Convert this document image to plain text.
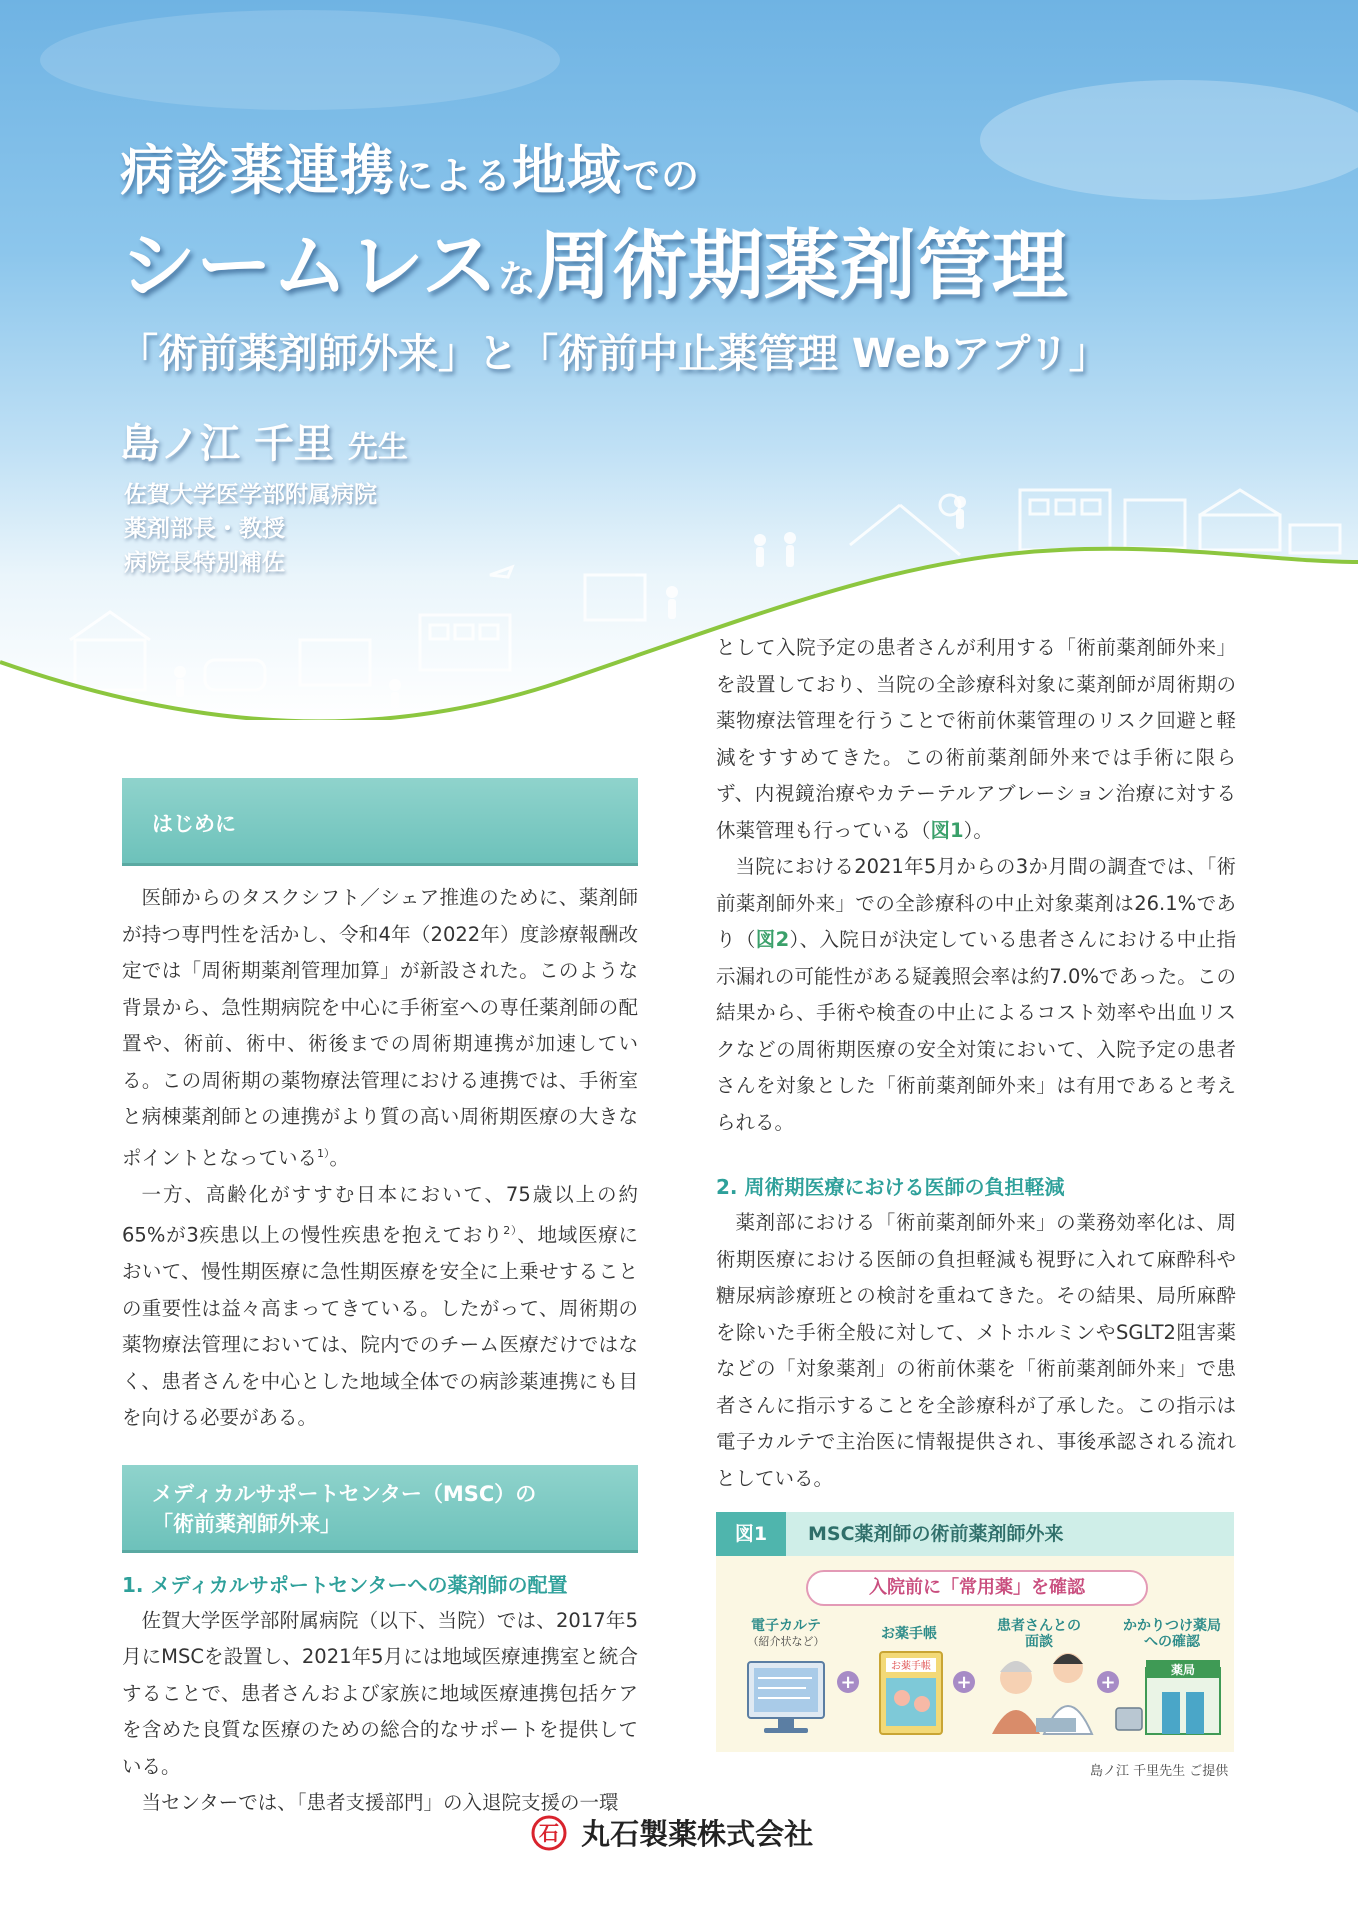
病診薬連携による地域での
シームレスな周術期薬剤管理
「術前薬剤師外来」と「術前中止薬管理 Webアプリ」
島ノ江 千里 先生
佐賀大学医学部附属病院
薬剤部長・教授
病院長特別補佐
はじめに

医師からのタスクシフト／シェア推進のために、薬剤師が持つ専門性を活かし、令和4年（2022年）度診療報酬改定では「周術期薬剤管理加算」が新設された。このような背景から、急性期病院を中心に手術室への専任薬剤師の配置や、術前、術中、術後までの周術期連携が加速している。この周術期の薬物療法管理における連携では、手術室と病棟薬剤師との連携がより質の高い周術期医療の大きなポイントとなっている$^{1)}$。

一方、高齢化がすすむ日本において、75歳以上の約65%が3疾患以上の慢性疾患を抱えており$^{2)}$、地域医療において、慢性期医療に急性期医療を安全に上乗せすることの重要性は益々高まってきている。したがって、周術期の薬物療法管理においては、院内でのチーム医療だけではなく、患者さんを中心とした地域全体での病診薬連携にも目を向ける必要がある。

メディカルサポートセンター（MSC）の
「術前薬剤師外来」

1. メディカルサポートセンターへの薬剤師の配置

佐賀大学医学部附属病院（以下、当院）では、2017年5月にMSCを設置し、2021年5月には地域医療連携室と統合することで、患者さんおよび家族に地域医療連携包括ケアを含めた良質な医療のための総合的なサポートを提供している。

当センターでは、「患者支援部門」の入退院支援の一環

として入院予定の患者さんが利用する「術前薬剤師外来」を設置しており、当院の全診療科対象に薬剤師が周術期の薬物療法管理を行うことで術前休薬管理のリスク回避と軽減をすすめてきた。この術前薬剤師外来では手術に限らず、内視鏡治療やカテーテルアブレーション治療に対する休薬管理も行っている（図1）。

当院における2021年5月からの3か月間の調査では、「術前薬剤師外来」での全診療科の中止対象薬剤は26.1%であり（図2）、入院日が決定している患者さんにおける中止指示漏れの可能性がある疑義照会率は約7.0%であった。この結果から、手術や検査の中止によるコスト効率や出血リスクなどの周術期医療の安全対策において、入院予定の患者さんを対象とした「術前薬剤師外来」は有用であると考えられる。

2. 周術期医療における医師の負担軽減

薬剤部における「術前薬剤師外来」の業務効率化は、周術期医療における医師の負担軽減も視野に入れて麻酔科や糖尿病診療班との検討を重ねてきた。その結果、局所麻酔を除いた手術全般に対して、メトホルミンやSGLT2阻害薬などの「対象薬剤」の術前休薬を「術前薬剤師外来」で患者さんに指示することを全診療科が了承した。この指示は電子カルテで主治医に情報提供され、事後承認される流れとしている。

図1	MSC薬剤師の術前薬剤師外来
入院前に「常用薬」を確認
電子カルテ
（紹介状など）	お薬手帳	患者さんとの
面談
かかりつけ薬局
への確認
+
お薬手帳
+	+
薬局
島ノ江 千里先生 ご提供
石 丸石製薬株式会社
